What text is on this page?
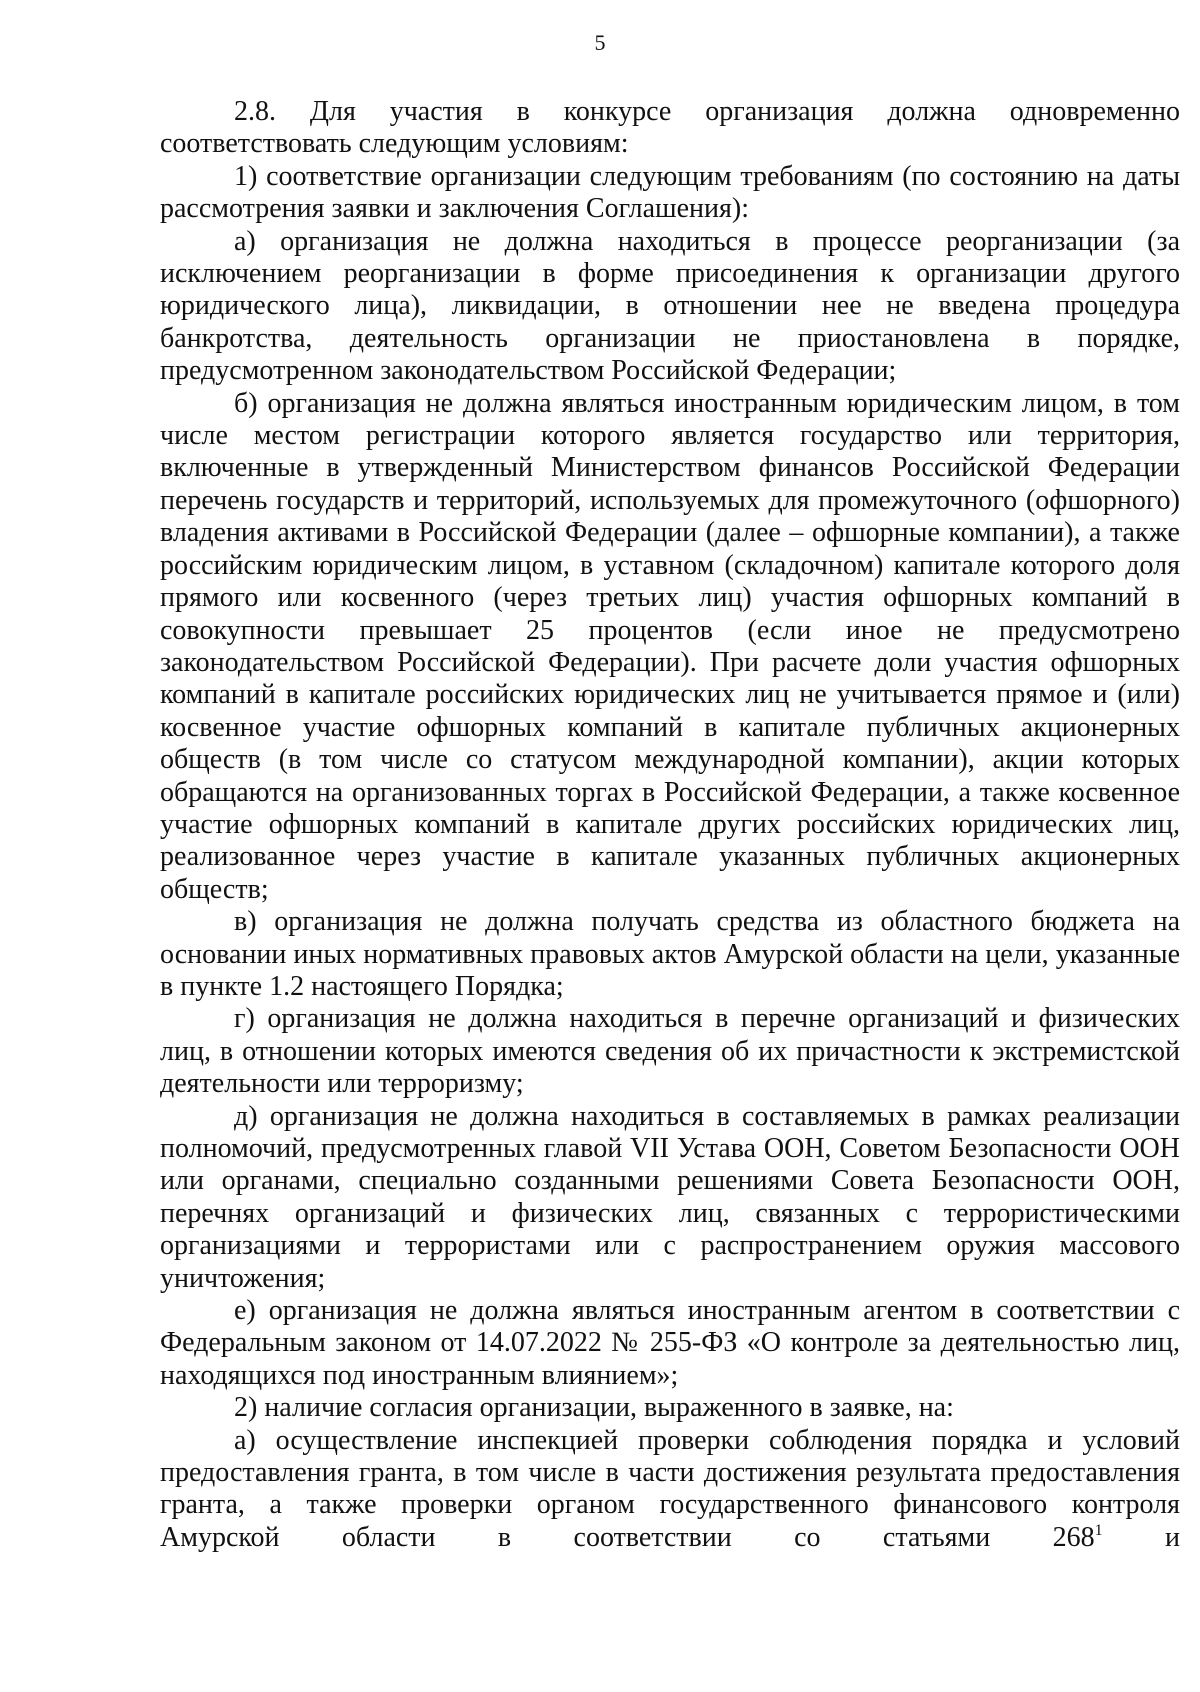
5

2.8. Для участия в конкурсе организация должна одновременно соответствовать следующим условиям:

1) соответствие организации следующим требованиям (по состоянию на даты рассмотрения заявки и заключения Соглашения):

а) организация не должна находиться в процессе реорганизации (за исключением реорганизации в форме присоединения к организации другого юридического лица), ликвидации, в отношении нее не введена процедура банкротства, деятельность организации не приостановлена в порядке, предусмотренном законодательством Российской Федерации;

б) организация не должна являться иностранным юридическим лицом, в том числе местом регистрации которого является государство или территория, включенные в утвержденный Министерством финансов Российской Федерации перечень государств и территорий, используемых для промежуточного (офшорного) владения активами в Российской Федерации (далее – офшорные компании), а также российским юридическим лицом, в уставном (складочном) капитале которого доля прямого или косвенного (через третьих лиц) участия офшорных компаний в совокупности превышает 25 процентов (если иное не предусмотрено законодательством Российской Федерации). При расчете доли участия офшорных компаний в капитале российских юридических лиц не учитывается прямое и (или) косвенное участие офшорных компаний в капитале публичных акционерных обществ (в том числе со статусом международной компании), акции которых обращаются на организованных торгах в Российской Федерации, а также косвенное участие офшорных компаний в капитале других российских юридических лиц, реализованное через участие в капитале указанных публичных акционерных обществ;

в) организация не должна получать средства из областного бюджета на основании иных нормативных правовых актов Амурской области на цели, указанные в пункте 1.2 настоящего Порядка;

г) организация не должна находиться в перечне организаций и физических лиц, в отношении которых имеются сведения об их причастности к экстремистской деятельности или терроризму;

д) организация не должна находиться в составляемых в рамках реализации полномочий, предусмотренных главой VII Устава ООН, Советом Безопасности ООН или органами, специально созданными решениями Совета Безопасности ООН, перечнях организаций и физических лиц, связанных с террористическими организациями и террористами или с распространением оружия массового уничтожения;

е) организация не должна являться иностранным агентом в соответствии с Федеральным законом от 14.07.2022 № 255-ФЗ «О контроле за деятельностью лиц, находящихся под иностранным влиянием»;

2) наличие согласия организации, выраженного в заявке, на:

а) осуществление инспекцией проверки соблюдения порядка и условий предоставления гранта, в том числе в части достижения результата предоставления гранта, а также проверки органом государственного финансового контроля Амурской области в соответствии со статьями $268^1$ и
